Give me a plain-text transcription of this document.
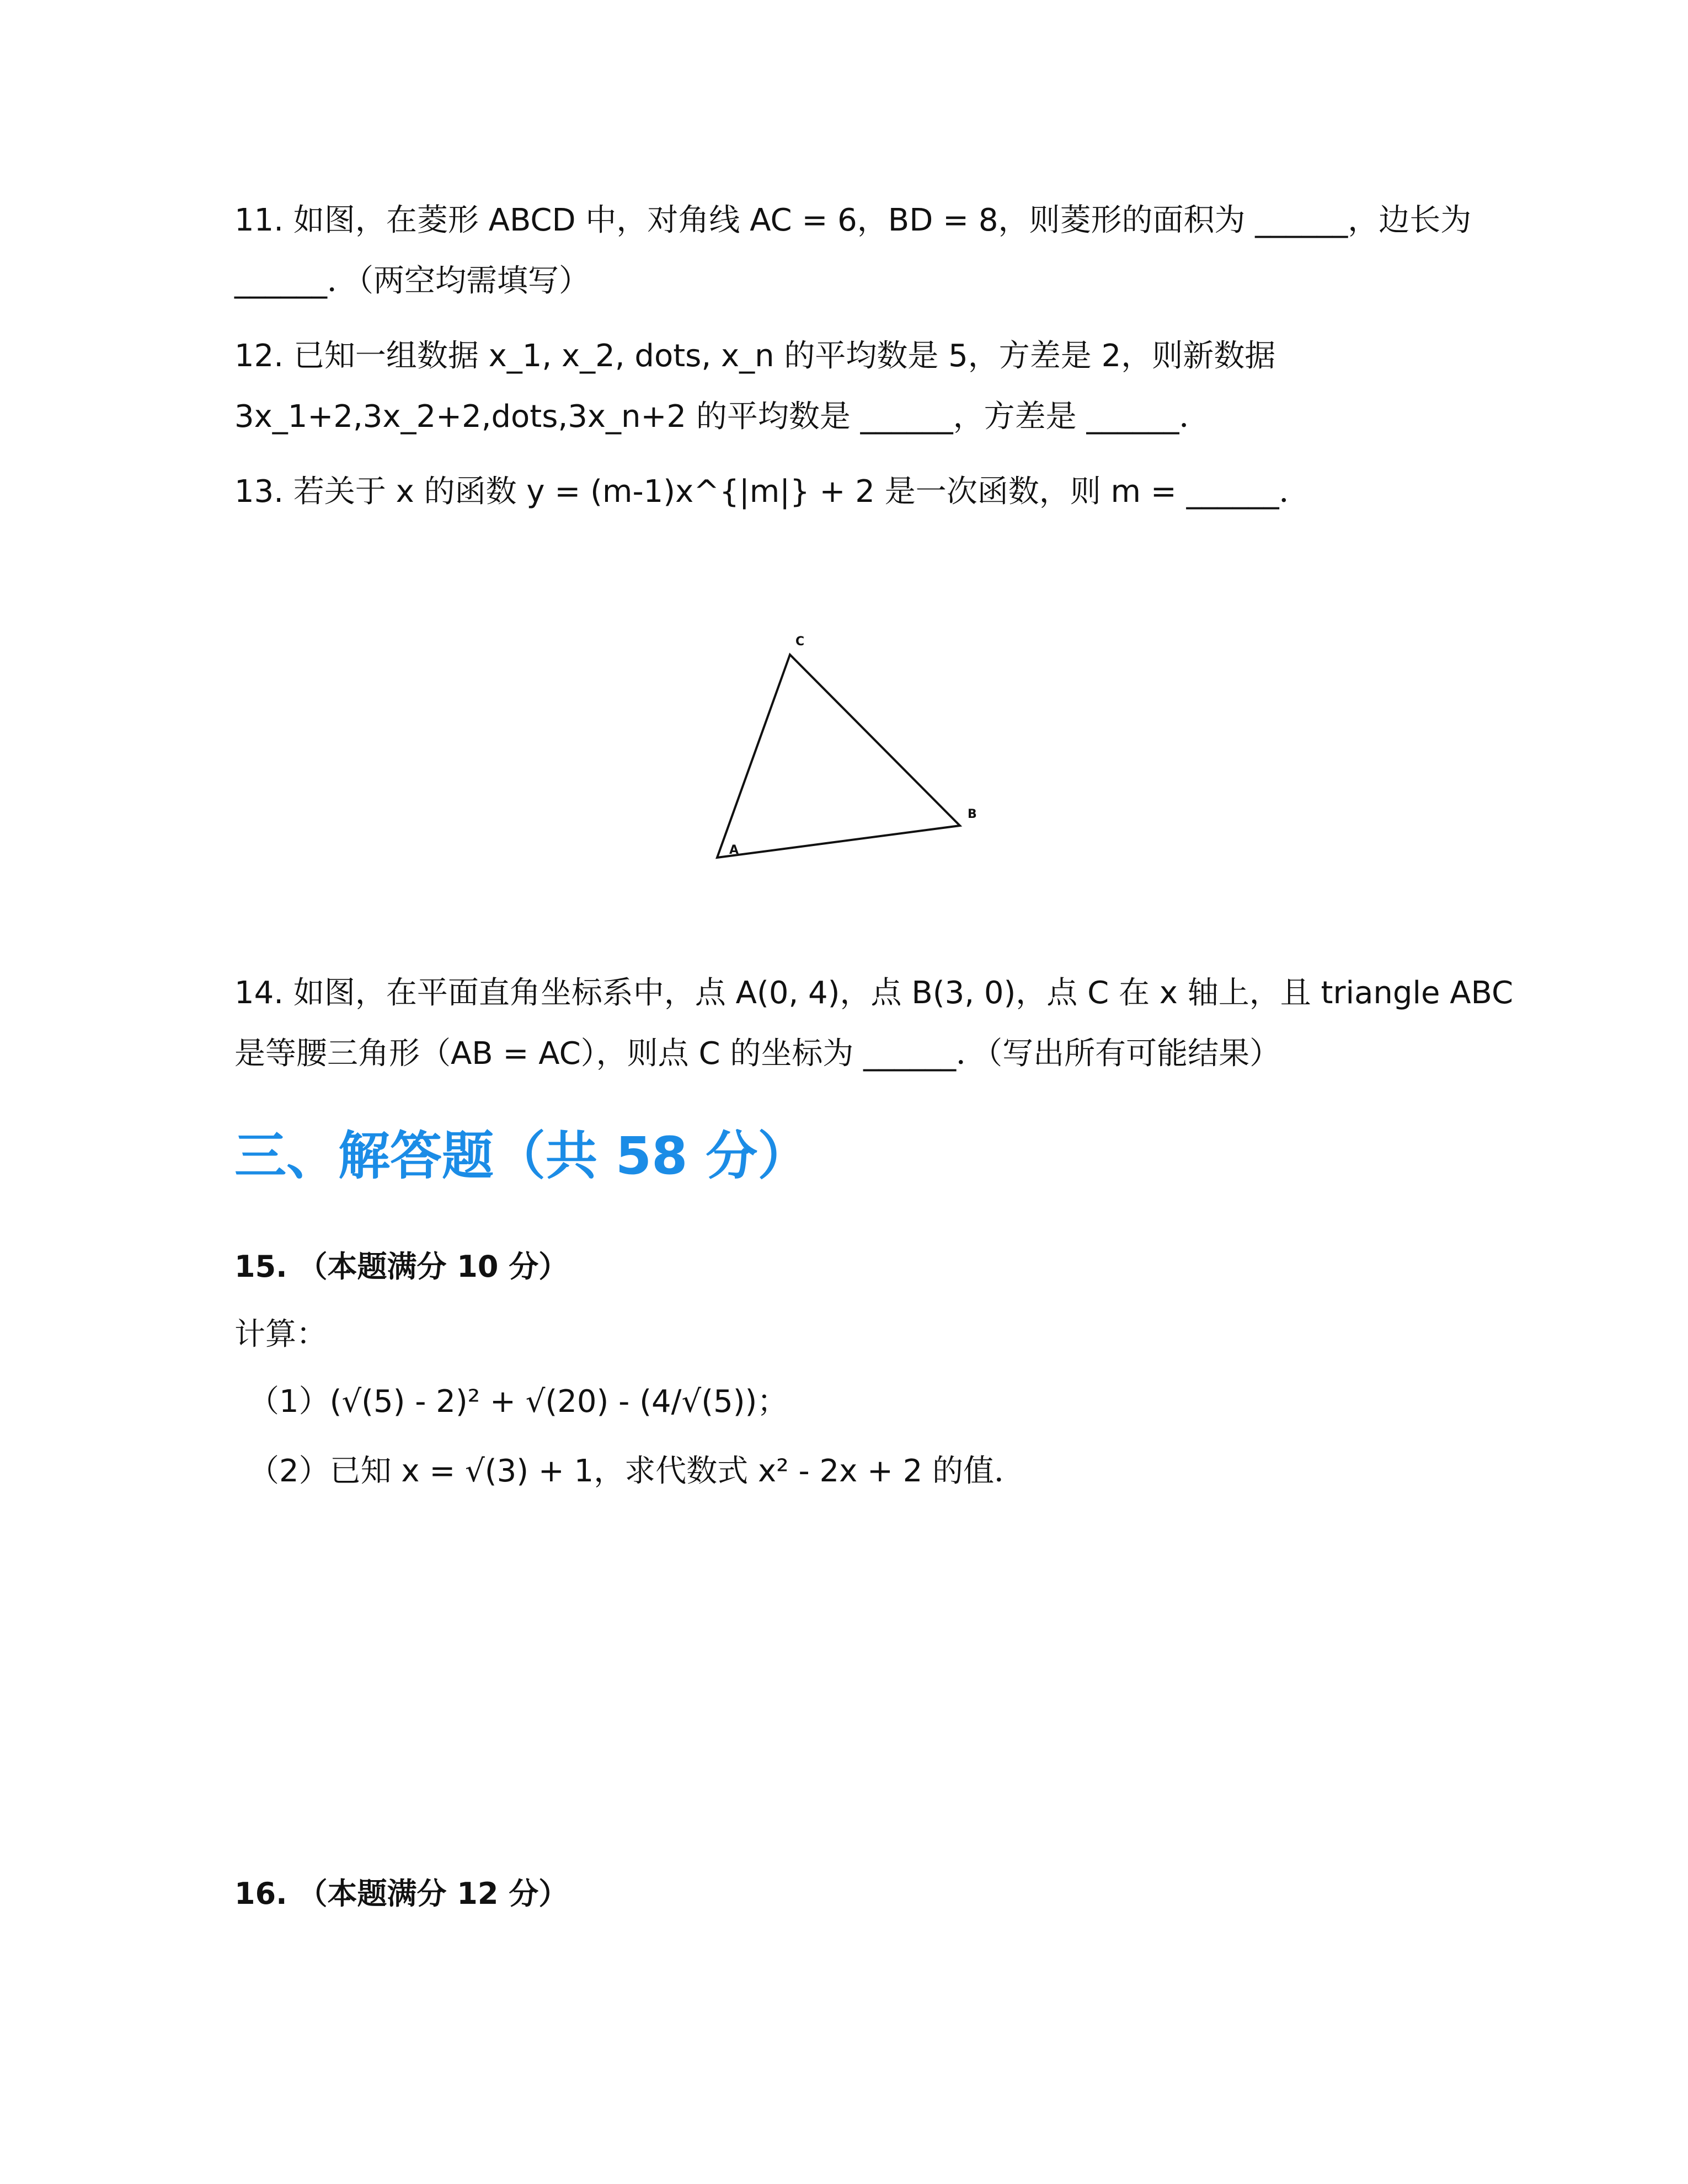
11. 如图，在菱形 ABCD 中，对角线 AC = 6，BD = 8，则菱形的面积为 ______，边长为
______．（两空均需填写）
12. 已知一组数据 x_1, x_2, dots, x_n 的平均数是 5，方差是 2，则新数据
3x_1+2,3x_2+2,dots,3x_n+2 的平均数是 ______，方差是 ______．
13. 若关于 x 的函数 y = (m-1)x^{|m|} + 2 是一次函数，则 m = ______．
A
B
C
14. 如图，在平面直角坐标系中，点 A(0, 4)，点 B(3, 0)，点 C 在 x 轴上，且 triangle ABC
是等腰三角形（AB = AC），则点 C 的坐标为 ______．（写出所有可能结果）
三、解答题（共 58 分）
15. （本题满分 10 分）
计算：
（1）(√(5) - 2)² + √(20) - (4/√(5))；
（2）已知 x = √(3) + 1，求代数式 x² - 2x + 2 的值．
16. （本题满分 12 分）
